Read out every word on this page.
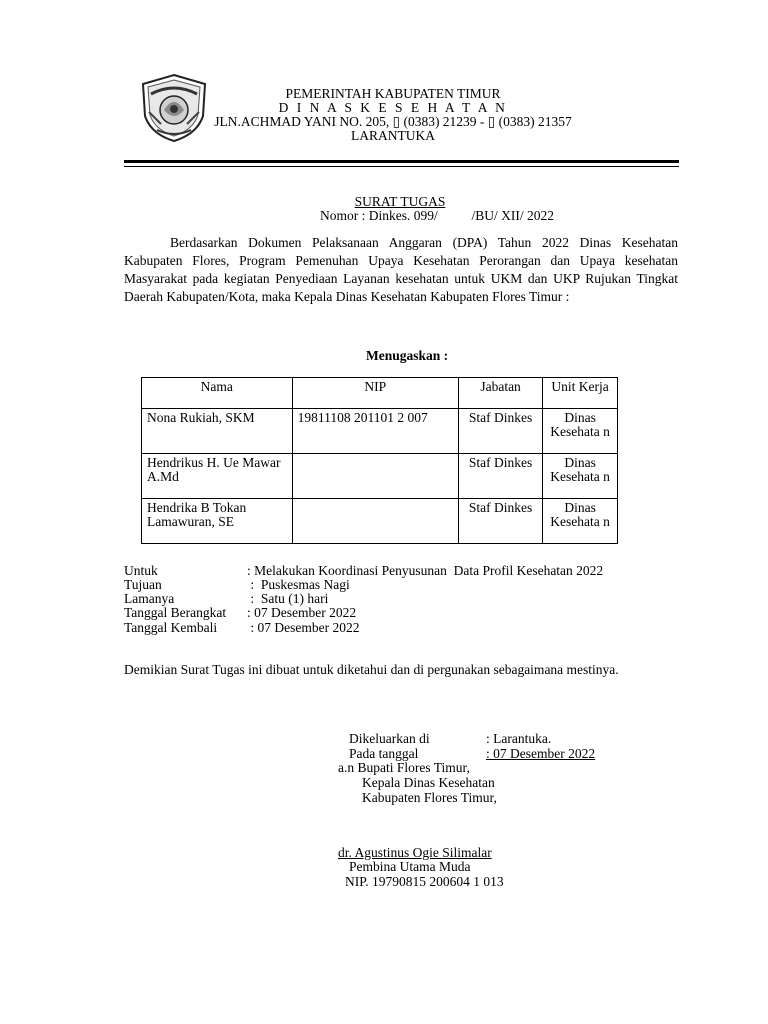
PEMERINTAH KABUPATEN TIMUR
D I N A S K E S E H A T A N
JLN.ACHMAD YANI NO. 205, ▯ (0383) 21239 - ▯ (0383) 21357
LARANTUKA
SURAT TUGAS
Nomor : Dinkes. 099/          /BU/ XII/ 2022
Berdasarkan Dokumen Pelaksanaan Anggaran (DPA) Tahun 2022 Dinas Kesehatan Kabupaten Flores, Program Pemenuhan Upaya Kesehatan Perorangan dan Upaya kesehatan Masyarakat pada kegiatan Penyediaan Layanan kesehatan untuk UKM dan UKP Rujukan Tingkat Daerah Kabupaten/Kota, maka Kepala Dinas Kesehatan Kabupaten Flores Timur :
Menugaskan :
Nama	NIP	Jabatan	Unit Kerja
Nona Rukiah, SKM	19811108 201101 2 007	Staf Dinkes	Dinas Kesehata n
Hendrikus H. Ue Mawar A.Md		Staf Dinkes	Dinas Kesehata n
Hendrika B Tokan Lamawuran, SE		Staf Dinkes	Dinas Kesehata n
Untuk	: Melakukan Koordinasi Penyusunan  Data Profil Kesehatan 2022
Tujuan	:  Puskesmas Nagi
Lamanya	:  Satu (1) hari
Tanggal Berangkat : 07 Desember 2022
Tanggal Kembali : 07 Desember 2022
Demikian Surat Tugas ini dibuat untuk diketahui dan di pergunakan sebagaimana mestinya.
Dikeluarkan di	: Larantuka.
Pada tanggal	: 07 Desember 2022
a.n Bupati Flores Timur,
Kepala Dinas Kesehatan
Kabupaten Flores Timur,
dr. Agustinus Ogie Silimalar
Pembina Utama Muda
NIP. 19790815 200604 1 013
